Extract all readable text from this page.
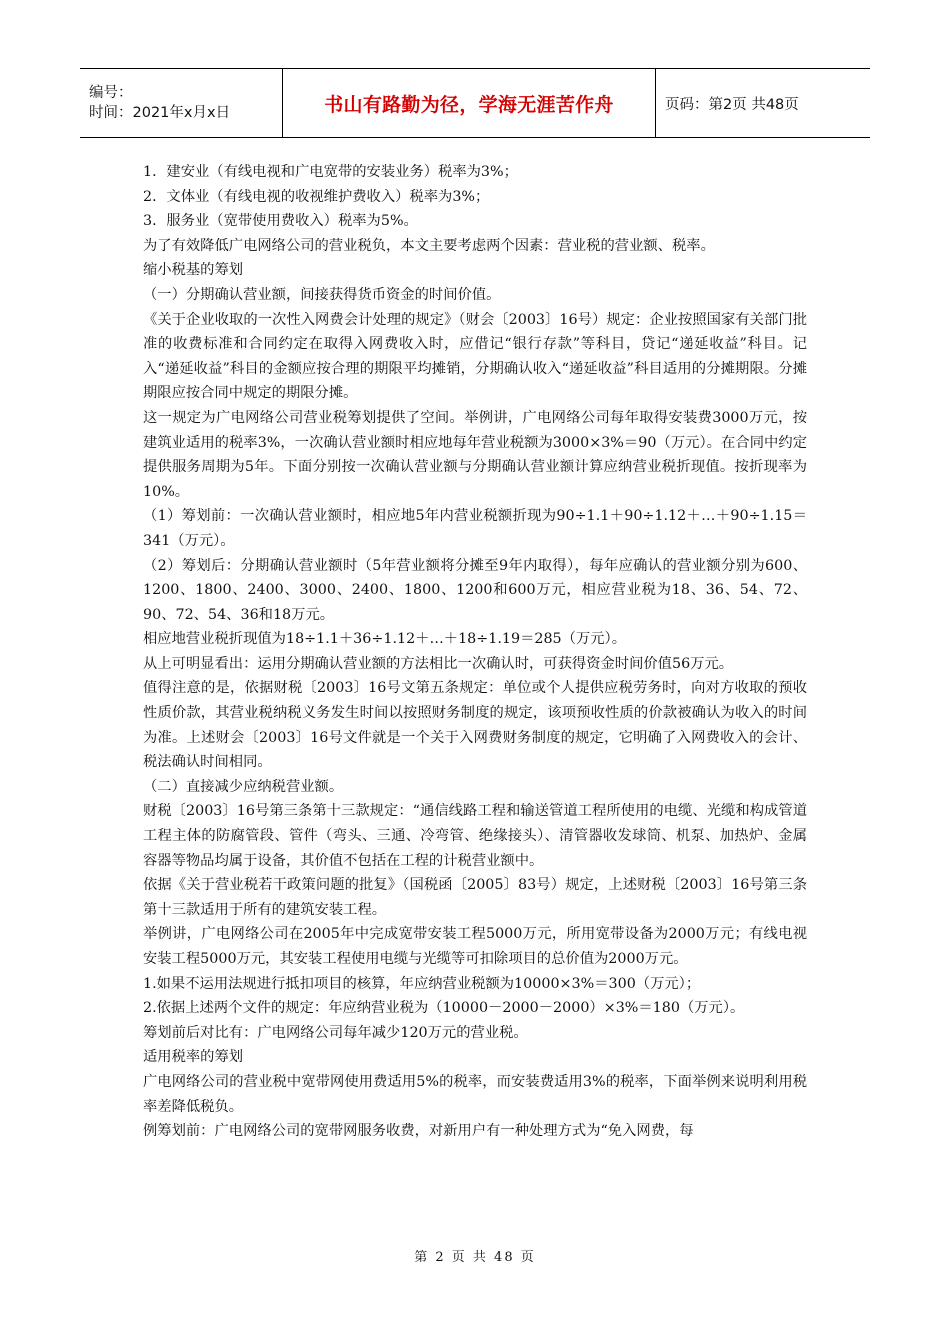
编号：
时间：2021年x月x日	书山有路勤为径，学海无涯苦作舟	页码：第2页 共48页

1．建安业（有线电视和广电宽带的安装业务）税率为3%；

2．文体业（有线电视的收视维护费收入）税率为3%；

3．服务业（宽带使用费收入）税率为5%。

为了有效降低广电网络公司的营业税负，本文主要考虑两个因素：营业税的营业额、税率。

缩小税基的筹划

（一）分期确认营业额，间接获得货币资金的时间价值。

《关于企业收取的一次性入网费会计处理的规定》（财会〔2003〕16号）规定：企业按照国家有关部门批准的收费标准和合同约定在取得入网费收入时，应借记“银行存款”等科目，贷记“递延收益”科目。记入“递延收益”科目的金额应按合理的期限平均摊销，分期确认收入“递延收益”科目适用的分摊期限。分摊期限应按合同中规定的期限分摊。

这一规定为广电网络公司营业税筹划提供了空间。举例讲，广电网络公司每年取得安装费3000万元，按建筑业适用的税率3%，一次确认营业额时相应地每年营业税额为3000×3%＝90（万元）。在合同中约定提供服务周期为5年。下面分别按一次确认营业额与分期确认营业额计算应纳营业税折现值。按折现率为10%。

（1）筹划前：一次确认营业额时，相应地5年内营业税额折现为90÷1.1＋90÷1.12＋…＋90÷1.15＝341（万元）。

（2）筹划后：分期确认营业额时（5年营业额将分摊至9年内取得），每年应确认的营业额分别为600、1200、1800、2400、3000、2400、1800、1200和600万元，相应营业税为18、36、54、72、90、72、54、36和18万元。

相应地营业税折现值为18÷1.1＋36÷1.12＋…＋18÷1.19＝285（万元）。

从上可明显看出：运用分期确认营业额的方法相比一次确认时，可获得资金时间价值56万元。

值得注意的是，依据财税〔2003〕16号文第五条规定：单位或个人提供应税劳务时，向对方收取的预收性质价款，其营业税纳税义务发生时间以按照财务制度的规定，该项预收性质的价款被确认为收入的时间为准。上述财会〔2003〕16号文件就是一个关于入网费财务制度的规定，它明确了入网费收入的会计、税法确认时间相同。

（二）直接减少应纳税营业额。

财税〔2003〕16号第三条第十三款规定：“通信线路工程和输送管道工程所使用的电缆、光缆和构成管道工程主体的防腐管段、管件（弯头、三通、冷弯管、绝缘接头）、清管器收发球筒、机泵、加热炉、金属容器等物品均属于设备，其价值不包括在工程的计税营业额中。

依据《关于营业税若干政策问题的批复》（国税函〔2005〕83号）规定，上述财税〔2003〕16号第三条第十三款适用于所有的建筑安装工程。

举例讲，广电网络公司在2005年中完成宽带安装工程5000万元，所用宽带设备为2000万元；有线电视安装工程5000万元，其安装工程使用电缆与光缆等可扣除项目的总价值为2000万元。

1.如果不运用法规进行抵扣项目的核算，年应纳营业税额为10000×3%＝300（万元）；

2.依据上述两个文件的规定：年应纳营业税为（10000－2000－2000）×3%＝180（万元）。

筹划前后对比有：广电网络公司每年减少120万元的营业税。

适用税率的筹划

广电网络公司的营业税中宽带网使用费适用5%的税率，而安装费适用3%的税率，下面举例来说明利用税率差降低税负。

例筹划前：广电网络公司的宽带网服务收费，对新用户有一种处理方式为“免入网费，每

第 2 页 共 48 页
